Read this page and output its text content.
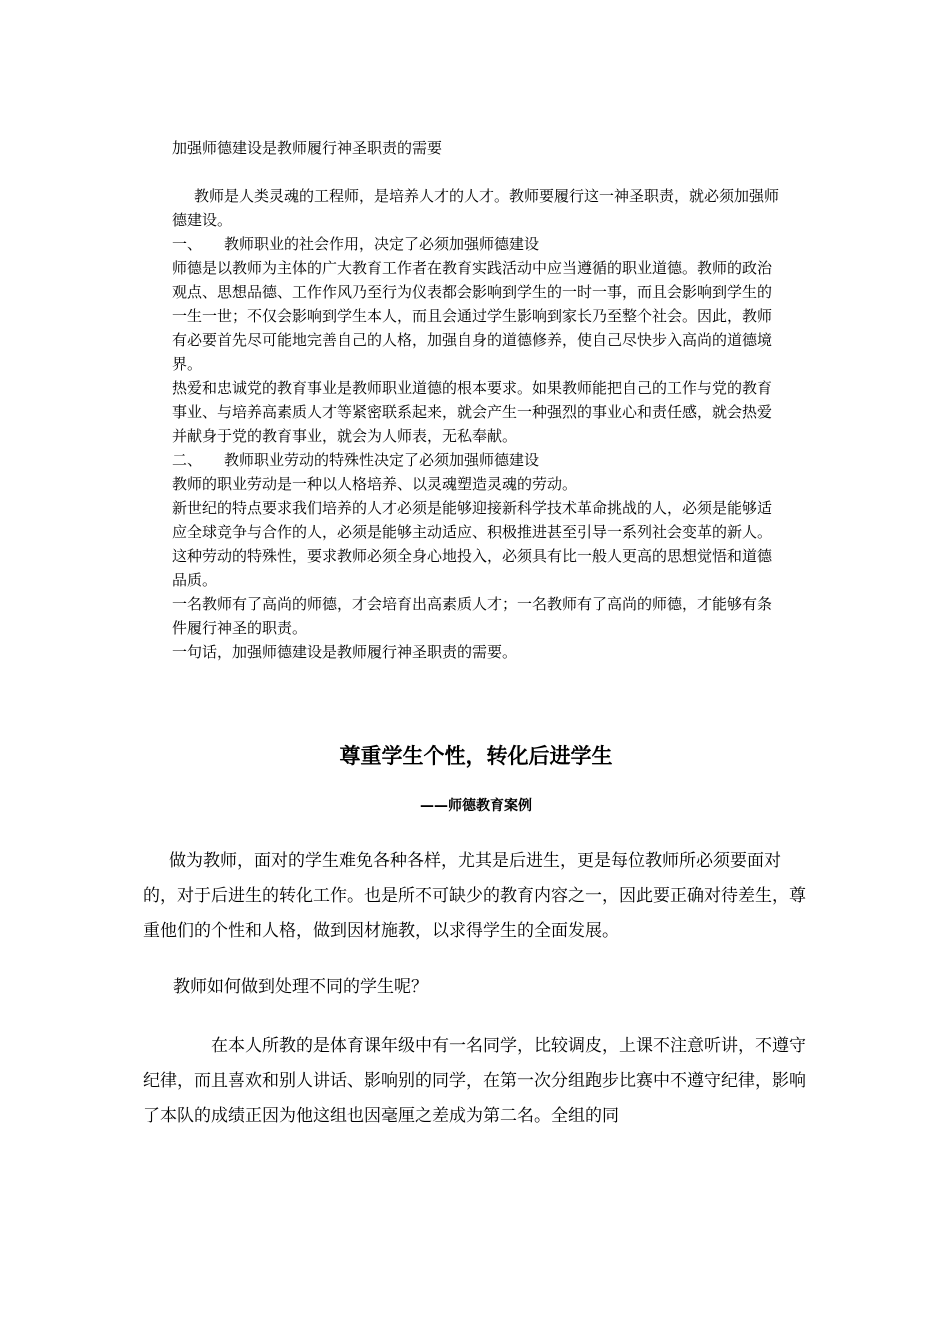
加强师德建设是教师履行神圣职责的需要

教师是人类灵魂的工程师，是培养人才的人才。教师要履行这一神圣职责，就必须加强师德建设。

一、 教师职业的社会作用，决定了必须加强师德建设

师德是以教师为主体的广大教育工作者在教育实践活动中应当遵循的职业道德。教师的政治观点、思想品德、工作作风乃至行为仪表都会影响到学生的一时一事，而且会影响到学生的一生一世；不仅会影响到学生本人，而且会通过学生影响到家长乃至整个社会。因此，教师有必要首先尽可能地完善自己的人格，加强自身的道德修养，使自己尽快步入高尚的道德境界。

热爱和忠诚党的教育事业是教师职业道德的根本要求。如果教师能把自己的工作与党的教育事业、与培养高素质人才等紧密联系起来，就会产生一种强烈的事业心和责任感，就会热爱并献身于党的教育事业，就会为人师表，无私奉献。

二、 教师职业劳动的特殊性决定了必须加强师德建设

教师的职业劳动是一种以人格培养、以灵魂塑造灵魂的劳动。

新世纪的特点要求我们培养的人才必须是能够迎接新科学技术革命挑战的人，必须是能够适应全球竞争与合作的人，必须是能够主动适应、积极推进甚至引导一系列社会变革的新人。

这种劳动的特殊性，要求教师必须全身心地投入，必须具有比一般人更高的思想觉悟和道德品质。

一名教师有了高尚的师德，才会培育出高素质人才；一名教师有了高尚的师德，才能够有条件履行神圣的职责。

一句话，加强师德建设是教师履行神圣职责的需要。

尊重学生个性，转化后进学生

——师德教育案例

做为教师，面对的学生难免各种各样，尤其是后进生，更是每位教师所必须要面对的，对于后进生的转化工作。也是所不可缺少的教育内容之一，因此要正确对待差生，尊重他们的个性和人格，做到因材施教，以求得学生的全面发展。

教师如何做到处理不同的学生呢？

在本人所教的是体育课年级中有一名同学，比较调皮，上课不注意听讲，不遵守纪律，而且喜欢和别人讲话、影响别的同学，在第一次分组跑步比赛中不遵守纪律，影响了本队的成绩正因为他这组也因毫厘之差成为第二名。全组的同
